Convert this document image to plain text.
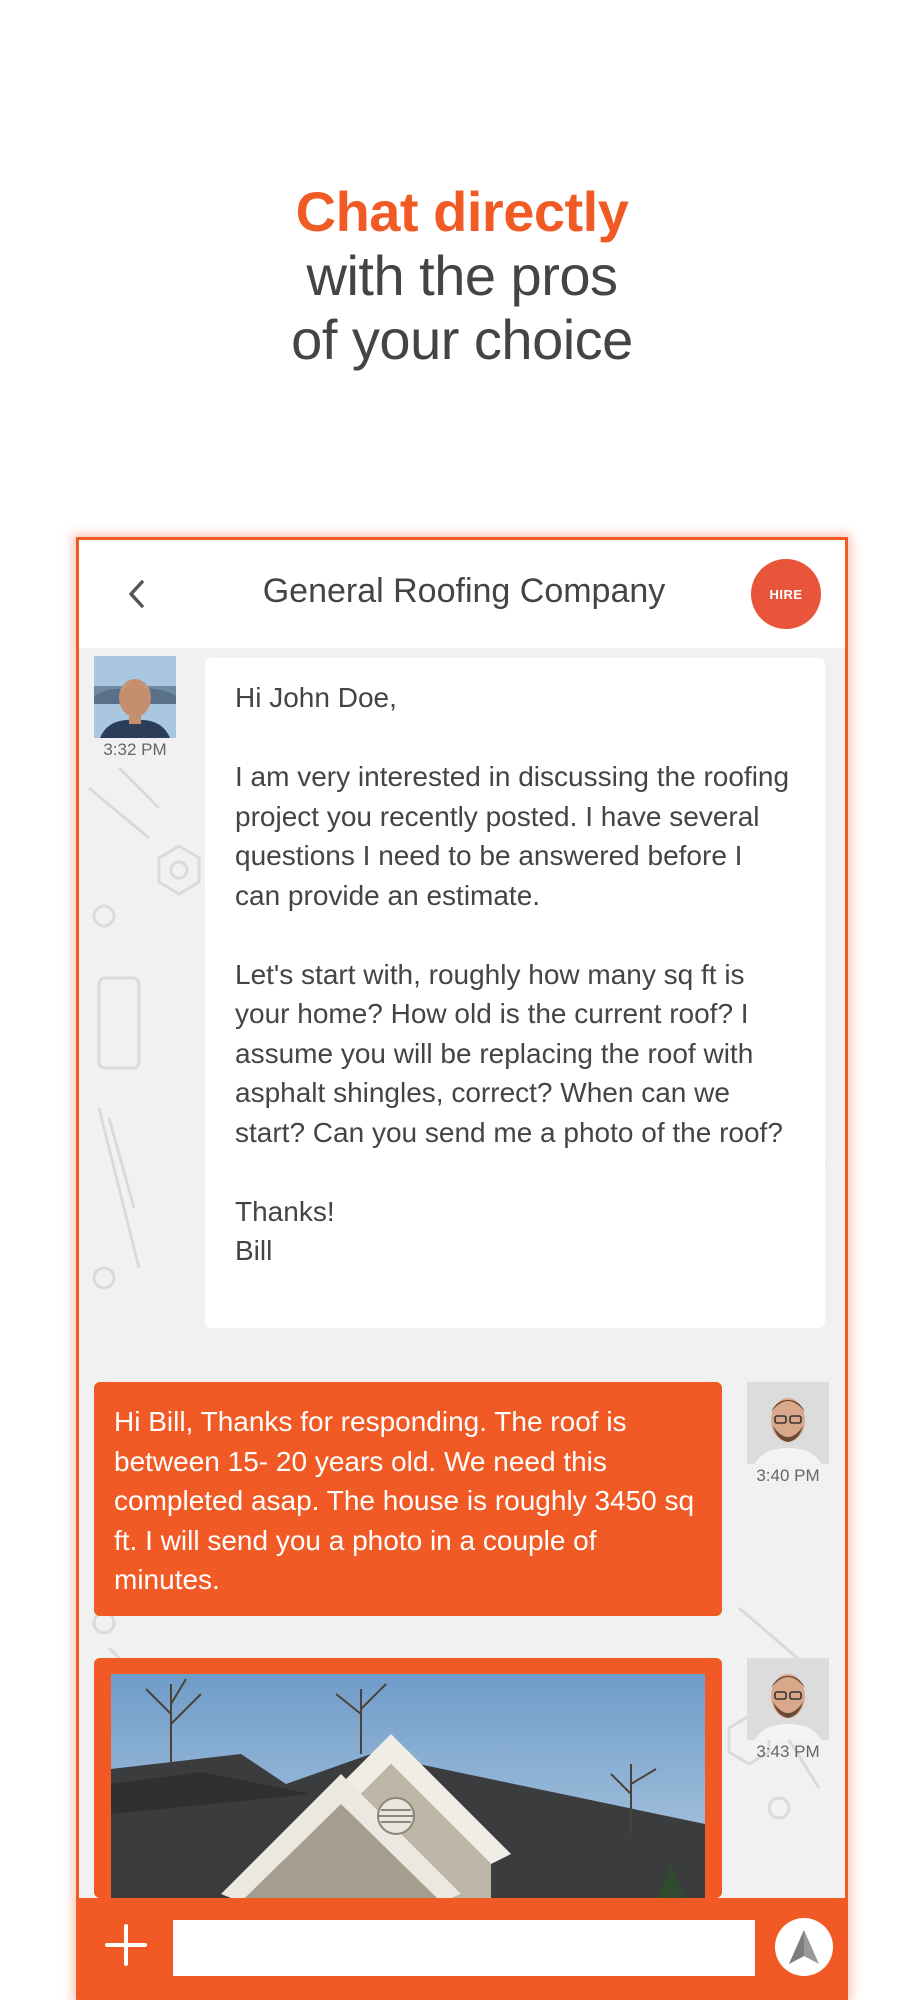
Chat directly
with the pros
of your choice
General Roofing Company	HIRE
3:32 PM
Hi John Doe,

I am very interested in discussing the roofing project you recently posted. I have several questions I need to be answered before I can provide an estimate.

Let's start with, roughly how many sq ft is your home? How old is the current roof? I assume you will be replacing the roof with asphalt shingles, correct? When can we start? Can you send me a photo of the roof?

Thanks!
Bill
Hi Bill, Thanks for responding. The roof is between 15- 20 years old. We need this completed asap. The house is roughly 3450 sq ft. I will send you a photo in a couple of minutes.
3:40 PM
3:43 PM
